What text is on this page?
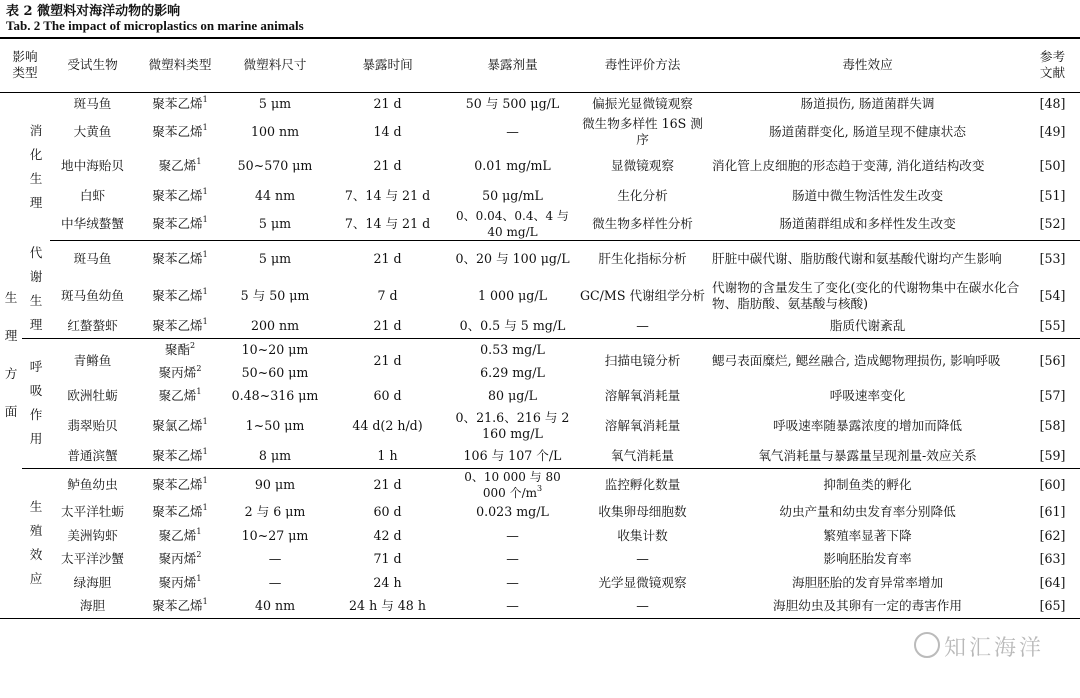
表 2 微塑料对海洋动物的影响
Tab. 2 The impact of microplastics on marine animals
影响类型		受试生物	微塑料类型	微塑料尺寸	暴露时间	暴露剂量	毒性评价方法	毒性效应	参考文献
生理方面	消化生理	斑马鱼	聚苯乙烯$^1$	5 μm	21 d	50 与 500 μg/L	偏振光显微镜观察	肠道损伤, 肠道菌群失调	[48]
		大黄鱼	聚苯乙烯$^1$	100 nm	14 d	—	微生物多样性 16S 测序	肠道菌群变化, 肠道呈现不健康状态	[49]
		地中海贻贝	聚乙烯$^1$	50~570 μm	21 d	0.01 mg/mL	显微镜观察	消化管上皮细胞的形态趋于变薄, 消化道结构改变	[50]
		白虾	聚苯乙烯$^1$	44 nm	7、14 与 21 d	50 μg/mL	生化分析	肠道中微生物活性发生改变	[51]
		中华绒螯蟹	聚苯乙烯$^1$	5 μm	7、14 与 21 d	0、0.04、0.4、4 与 40 mg/L	微生物多样性分析	肠道菌群组成和多样性发生改变	[52]
	代谢生理	斑马鱼	聚苯乙烯$^1$	5 μm	21 d	0、20 与 100 μg/L	肝生化指标分析	肝脏中碳代谢、脂肪酸代谢和氨基酸代谢均产生影响	[53]
		斑马鱼幼鱼	聚苯乙烯$^1$	5 与 50 μm	7 d	1 000 μg/L	GC/MS 代谢组学分析	代谢物的含量发生了变化(变化的代谢物集中在碳水化合物、脂肪酸、氨基酸与核酸)	[54]
		红螯螯虾	聚苯乙烯$^1$	200 nm	21 d	0、0.5 与 5 mg/L	—	脂质代谢紊乱	[55]
	呼吸作用	青鳉鱼	聚酯$^2$	10~20 μm	21 d	0.53 mg/L	扫描电镜分析	鳃弓表面糜烂, 鳃丝融合, 造成鳃物理损伤, 影响呼吸	[56]
			聚丙烯$^2$	50~60 μm		6.29 mg/L			
		欧洲牡蛎	聚乙烯$^1$	0.48~316 μm	60 d	80 μg/L	溶解氧消耗量	呼吸速率变化	[57]
		翡翠贻贝	聚氯乙烯$^1$	1~50 μm	44 d(2 h/d)	0、21.6、216 与 2 160 mg/L	溶解氧消耗量	呼吸速率随暴露浓度的增加而降低	[58]
		普通滨蟹	聚苯乙烯$^1$	8 μm	1 h	106 与 107 个/L	氧气消耗量	氧气消耗量与暴露量呈现剂量-效应关系	[59]
	生殖效应	鲈鱼幼虫	聚苯乙烯$^1$	90 μm	21 d	0、10 000 与 80 000 个$/m^3$	监控孵化数量	抑制鱼类的孵化	[60]
		太平洋牡蛎	聚苯乙烯$^1$	2 与 6 μm	60 d	0.023 mg/L	收集卵母细胞数	幼虫产量和幼虫发育率分别降低	[61]
		美洲钩虾	聚乙烯$^1$	10~27 μm	42 d	—	收集计数	繁殖率显著下降	[62]
		太平洋沙蟹	聚丙烯$^2$	—	71 d	—	—	影响胚胎发育率	[63]
		绿海胆	聚丙烯$^1$	—	24 h	—	光学显微镜观察	海胆胚胎的发育异常率增加	[64]
		海胆	聚苯乙烯$^1$	40 nm	24 h 与 48 h	—	—	海胆幼虫及其卵有一定的毒害作用	[65]
知汇海洋
